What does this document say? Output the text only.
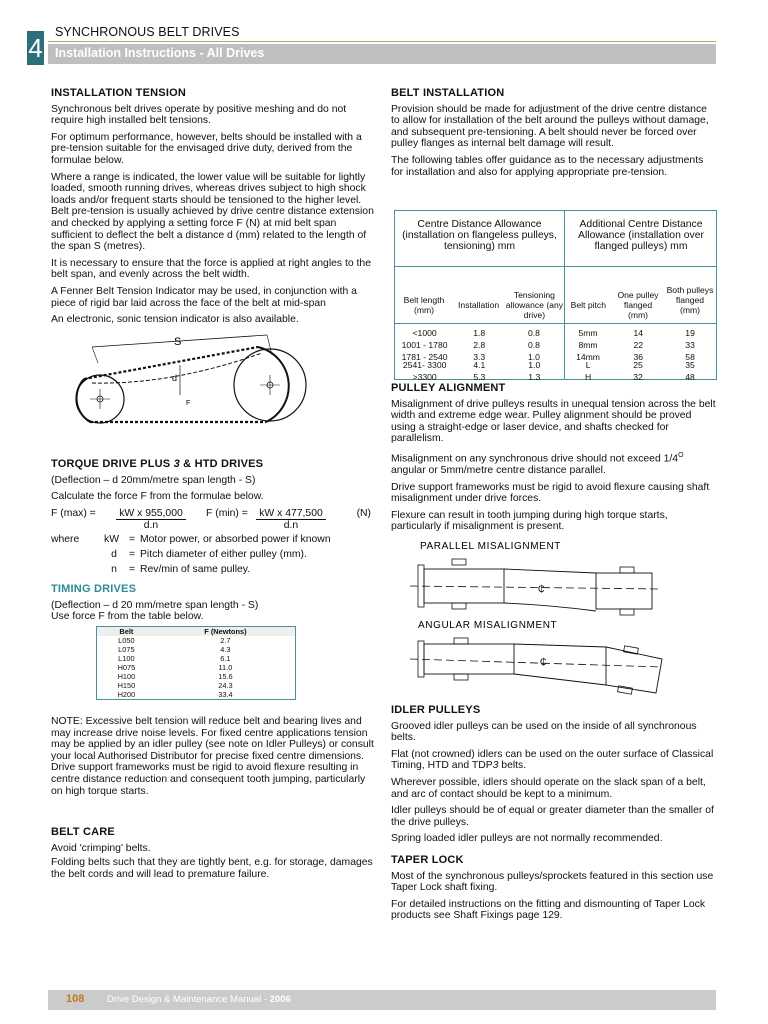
4
SYNCHRONOUS BELT DRIVES
Installation Instructions - All Drives
INSTALLATION TENSION

Synchronous belt drives operate by positive meshing and do not require high installed belt tensions.

For optimum performance, however, belts should be installed with a pre-tension suitable for the envisaged drive duty, derived from the formulae below.

Where a range is indicated, the lower value will be suitable for lightly loaded, smooth running drives, whereas drives subject to high shock loads and/or frequent starts should be tensioned to the higher level. Belt pre-tension is usually achieved by drive centre distance extension and checked by applying a setting force F (N) at mid belt span sufficient to deflect the belt a distance d (mm) related to the length of the span S (metres).

It is necessary to ensure that the force is applied at right angles to the belt span, and evenly across the belt width.

A Fenner Belt Tension Indicator may be used, in conjunction with a piece of rigid bar laid across the face of the belt at mid-span

An electronic, sonic tension indicator is also available.

S
d
F
TORQUE DRIVE PLUS 3 & HTD DRIVES

(Deflection – d 20mm/metre span length - S)

Calculate the force F from the formulae below.

F (max) =	kW x 955,000
d.n		F (min) =	kW x 477,500
d.n	(N)
where	kW	=	Motor power, or absorbed power if known
	d	=	Pitch diameter of either pulley (mm).
	n	=	Rev/min of same pulley.
TIMING DRIVES

(Deflection – d 20 mm/metre span length - S)

Use force F from the table below.

Belt	F (Newtons)
L050	2.7
L075	4.3
L100	6.1
H075	11.0
H100	15.6
H150	24.3
H200	33.4

NOTE: Excessive belt tension will reduce belt and bearing lives and may increase drive noise levels. For fixed centre applications tension may be applied by an idler pulley (see note on Idler Pulleys) or consult your local Authorised Distributor for precise fixed centre dimensions. Drive support frameworks must be rigid to avoid flexure resulting in centre distance reduction and consequent tooth jumping, particularly on high torque starts.

BELT CARE

Avoid 'crimping' belts.

Folding belts such that they are tightly bent, e.g. for storage, damages the belt cords and will lead to premature failure.

BELT INSTALLATION

Provision should be made for adjustment of the drive centre distance to allow for installation of the belt around the pulleys without damage, and subsequent pre-tensioning. A belt should never be forced over pulley flanges as internal belt damage will result.

The following tables offer guidance as to the necessary adjustments for installation and also for applying appropriate pre-tension.

Centre Distance Allowance (installation on flangeless pulleys, tensioning) mm
Additional Centre Distance Allowance (installation over flanged pulleys) mm
Belt length (mm)	Installation	Tensioning allowance (any drive)	Belt pitch	One pulley flanged (mm)	Both pulleys flanged (mm)
<1000	1.8	0.8	5mm	14	19
1001 - 1780	2.8	0.8	8mm	22	33
1781 - 2540	3.3	1.0	14mm	36	58
2541- 3300	4.1	1.0	L	25	35
>3300	5.3	1.3	H	32	48
PULLEY ALIGNMENT

Misalignment of drive pulleys results in unequal tension across the belt width and extreme edge wear. Pulley alignment should be proved using a straight-edge or laser device, and shafts checked for parallelism.

Misalignment on any synchronous drive should not exceed $1/4^O$ angular or 5mm/metre centre distance parallel.

Drive support frameworks must be rigid to avoid flexure causing shaft misalignment under drive forces.

Flexure can result in tooth jumping during high torque starts, particularly if misalignment is present.

PARALLEL MISALIGNMENT
₵
ANGULAR MISALIGNMENT
₵
IDLER PULLEYS

Grooved idler pulleys can be used on the inside of all synchronous belts.

Flat (not crowned) idlers can be used on the outer surface of Classical Timing, HTD and TDP3 belts.

Wherever possible, idlers should operate on the slack span of a belt, and arc of contact should be kept to a minimum.

Idler pulleys should be of equal or greater diameter than the smaller of the drive pulleys.

Spring loaded idler pulleys are not normally recommended.

TAPER LOCK

Most of the synchronous pulleys/sprockets featured in this section use Taper Lock shaft fixing.

For detailed instructions on the fitting and dismounting of Taper Lock products see Shaft Fixings page 129.

108 Drive Design & Maintenance Manual - 2006
